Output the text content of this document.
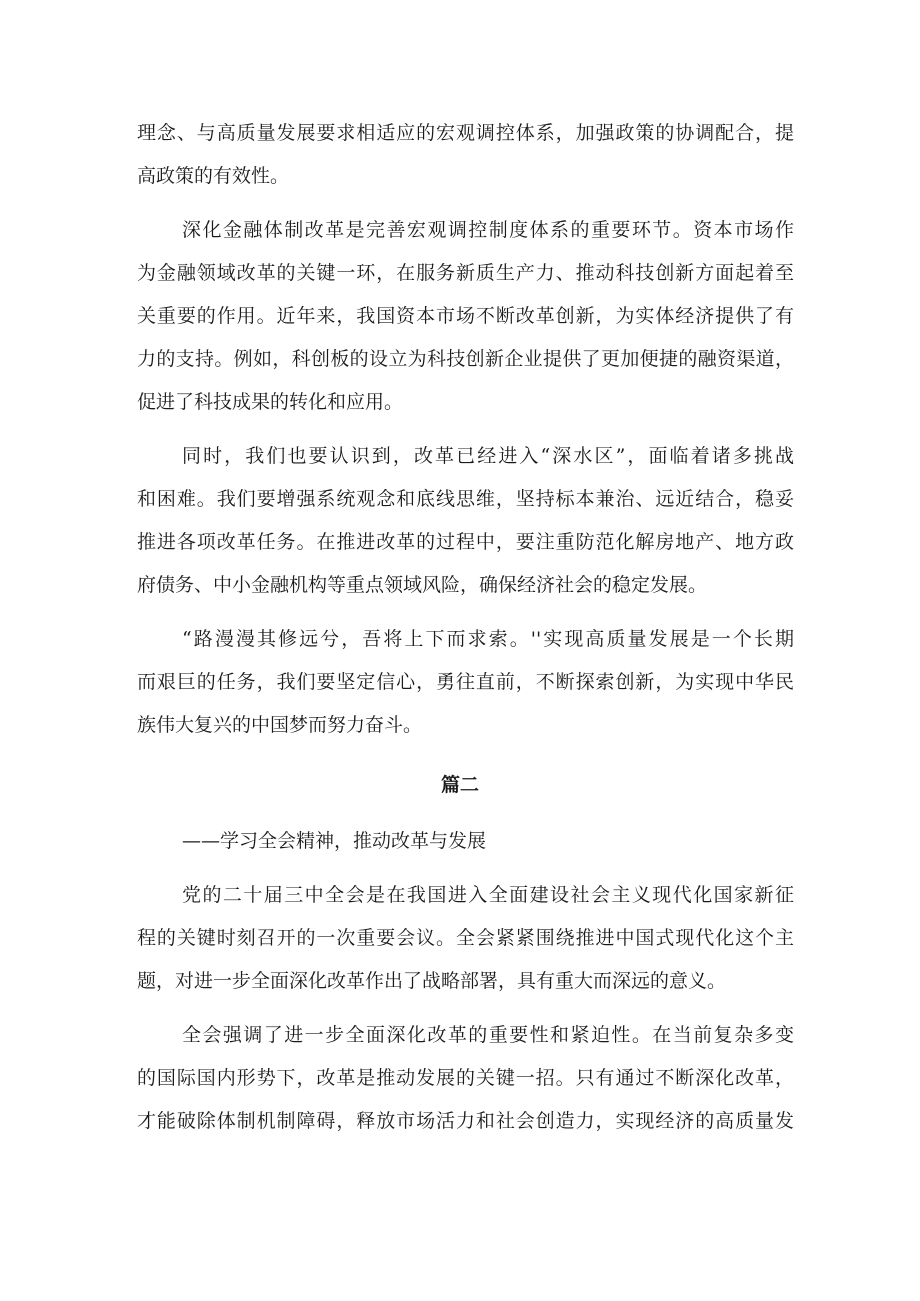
理念、与高质量发展要求相适应的宏观调控体系，加强政策的协调配合，提
高政策的有效性。
深化金融体制改革是完善宏观调控制度体系的重要环节。资本市场作
为金融领域改革的关键一环，在服务新质生产力、推动科技创新方面起着至
关重要的作用。近年来，我国资本市场不断改革创新，为实体经济提供了有
力的支持。例如，科创板的设立为科技创新企业提供了更加便捷的融资渠道，
促进了科技成果的转化和应用。
同时，我们也要认识到，改革已经进入“深水区”，面临着诸多挑战
和困难。我们要增强系统观念和底线思维，坚持标本兼治、远近结合，稳妥
推进各项改革任务。在推进改革的过程中，要注重防范化解房地产、地方政
府债务、中小金融机构等重点领域风险，确保经济社会的稳定发展。
“路漫漫其修远兮，吾将上下而求索。''实现高质量发展是一个长期
而艰巨的任务，我们要坚定信心，勇往直前，不断探索创新，为实现中华民
族伟大复兴的中国梦而努力奋斗。
篇二
——学习全会精神，推动改革与发展
党的二十届三中全会是在我国进入全面建设社会主义现代化国家新征
程的关键时刻召开的一次重要会议。全会紧紧围绕推进中国式现代化这个主
题，对进一步全面深化改革作出了战略部署，具有重大而深远的意义。
全会强调了进一步全面深化改革的重要性和紧迫性。在当前复杂多变
的国际国内形势下，改革是推动发展的关键一招。只有通过不断深化改革，
才能破除体制机制障碍，释放市场活力和社会创造力，实现经济的高质量发
